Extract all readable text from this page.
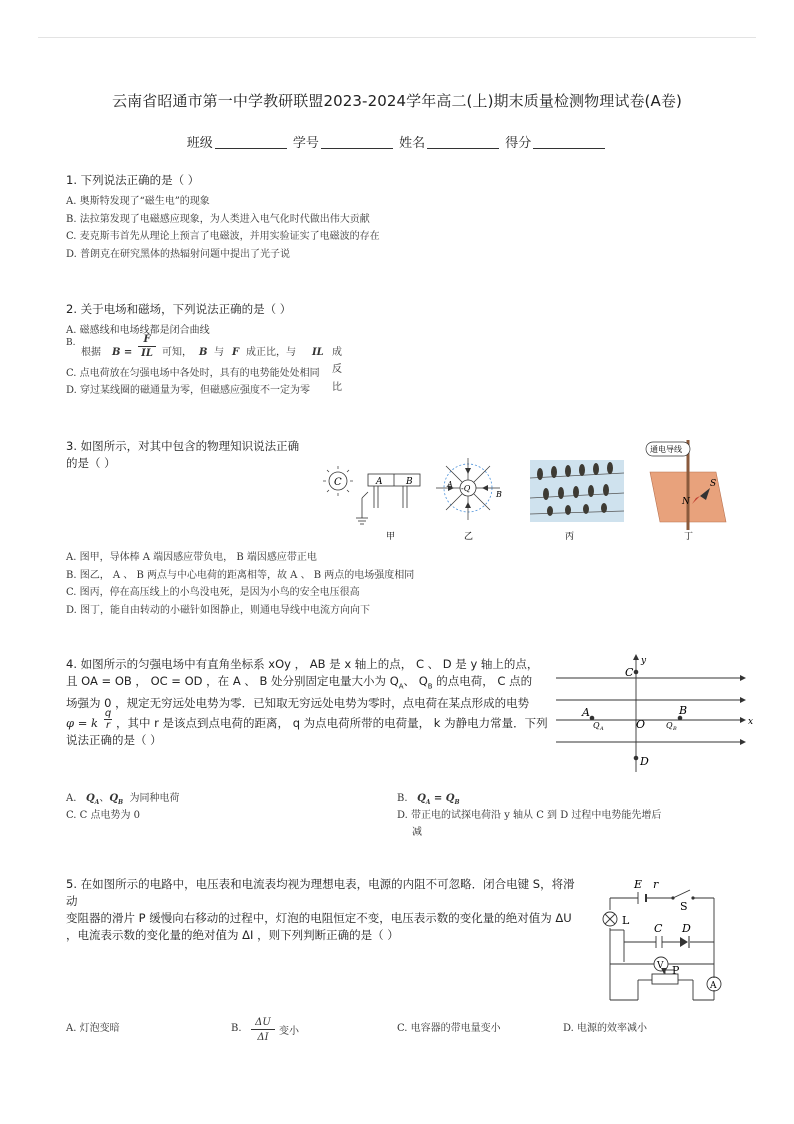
云南省昭通市第一中学教研联盟2023-2024学年高二(上)期末质量检测物理试卷(A卷)
班级	学号	姓名	得分
1. 下列说法正确的是（ ）
A. 奥斯特发现了“磁生电”的现象
B. 法拉第发现了电磁感应现象，为人类进入电气化时代做出伟大贡献
C. 麦克斯韦首先从理论上预言了电磁波，并用实验证实了电磁波的存在
D. 普朗克在研究黑体的热辐射问题中提出了光子说
2. 关于电场和磁场，下列说法正确的是（ ）
A. 磁感线和电场线都是闭合曲线
B.
根据 B =
F
IL 可知， B 与 F 成正比，与 IL 成反比
C. 点电荷放在匀强电场中各处时，具有的电势能处处相同
D. 穿过某线圈的磁通量为零，但磁感应强度不一定为零
3. 如图所示，对其中包含的物理知识说法正确
的是（ ）
C	A	B
甲
-Q
A
B
乙	丙
通电导线
S
N
丁
A. 图甲，导体棒 A 端因感应带负电， B 端因感应带正电
B. 图乙， A 、 B 两点与中心电荷的距离相等，故 A 、 B 两点的电场强度相同
C. 图丙，停在高压线上的小鸟没电死，是因为小鸟的安全电压很高
D. 图丁，能自由转动的小磁针如图静止，则通电导线中电流方向向下
4. 如图所示的匀强电场中有直角坐标系 xOy ， AB 是 x 轴上的点， C 、 D 是 y 轴上的点，
且 OA = OB ， OC = OD ，在 A 、 B 处分别固定电量大小为 $Q_A$、 $Q_B$ 的点电荷， C 点的
场强为 0 ，规定无穷远处电势为零．已知取无穷远处电势为零时，点电荷在某点形成的电势
φ = k
q
r ，其中 r 是该点到点电荷的距离， q 为点电荷所带的电荷量， k 为静电力常量．下列
说法正确的是（ ）
y
x
C
A
O
B
D
Q A	Q B
A.   $Q_A$、$Q_B$  为同种电荷	B.   $Q_A = Q_B$
C. C 点电势为 0	D. 带正电的试探电荷沿 y 轴从 C 到 D 过程中电势能先增后
减
5. 在如图所示的电路中，电压表和电流表均视为理想电表，电源的内阻不可忽略．闭合电键 S，将滑动
变阻器的滑片 P 缓慢向右移动的过程中，灯泡的电阻恒定不变，电压表示数的变化量的绝对值为 ΔU
，电流表示数的变化量的绝对值为 ΔI ，则下列判断正确的是（ ）
E r
S
L
C D
V
A
P
A. 灯泡变暗	B.
ΔU
ΔI
变小	C. 电容器的带电量变小	D. 电源的效率减小
